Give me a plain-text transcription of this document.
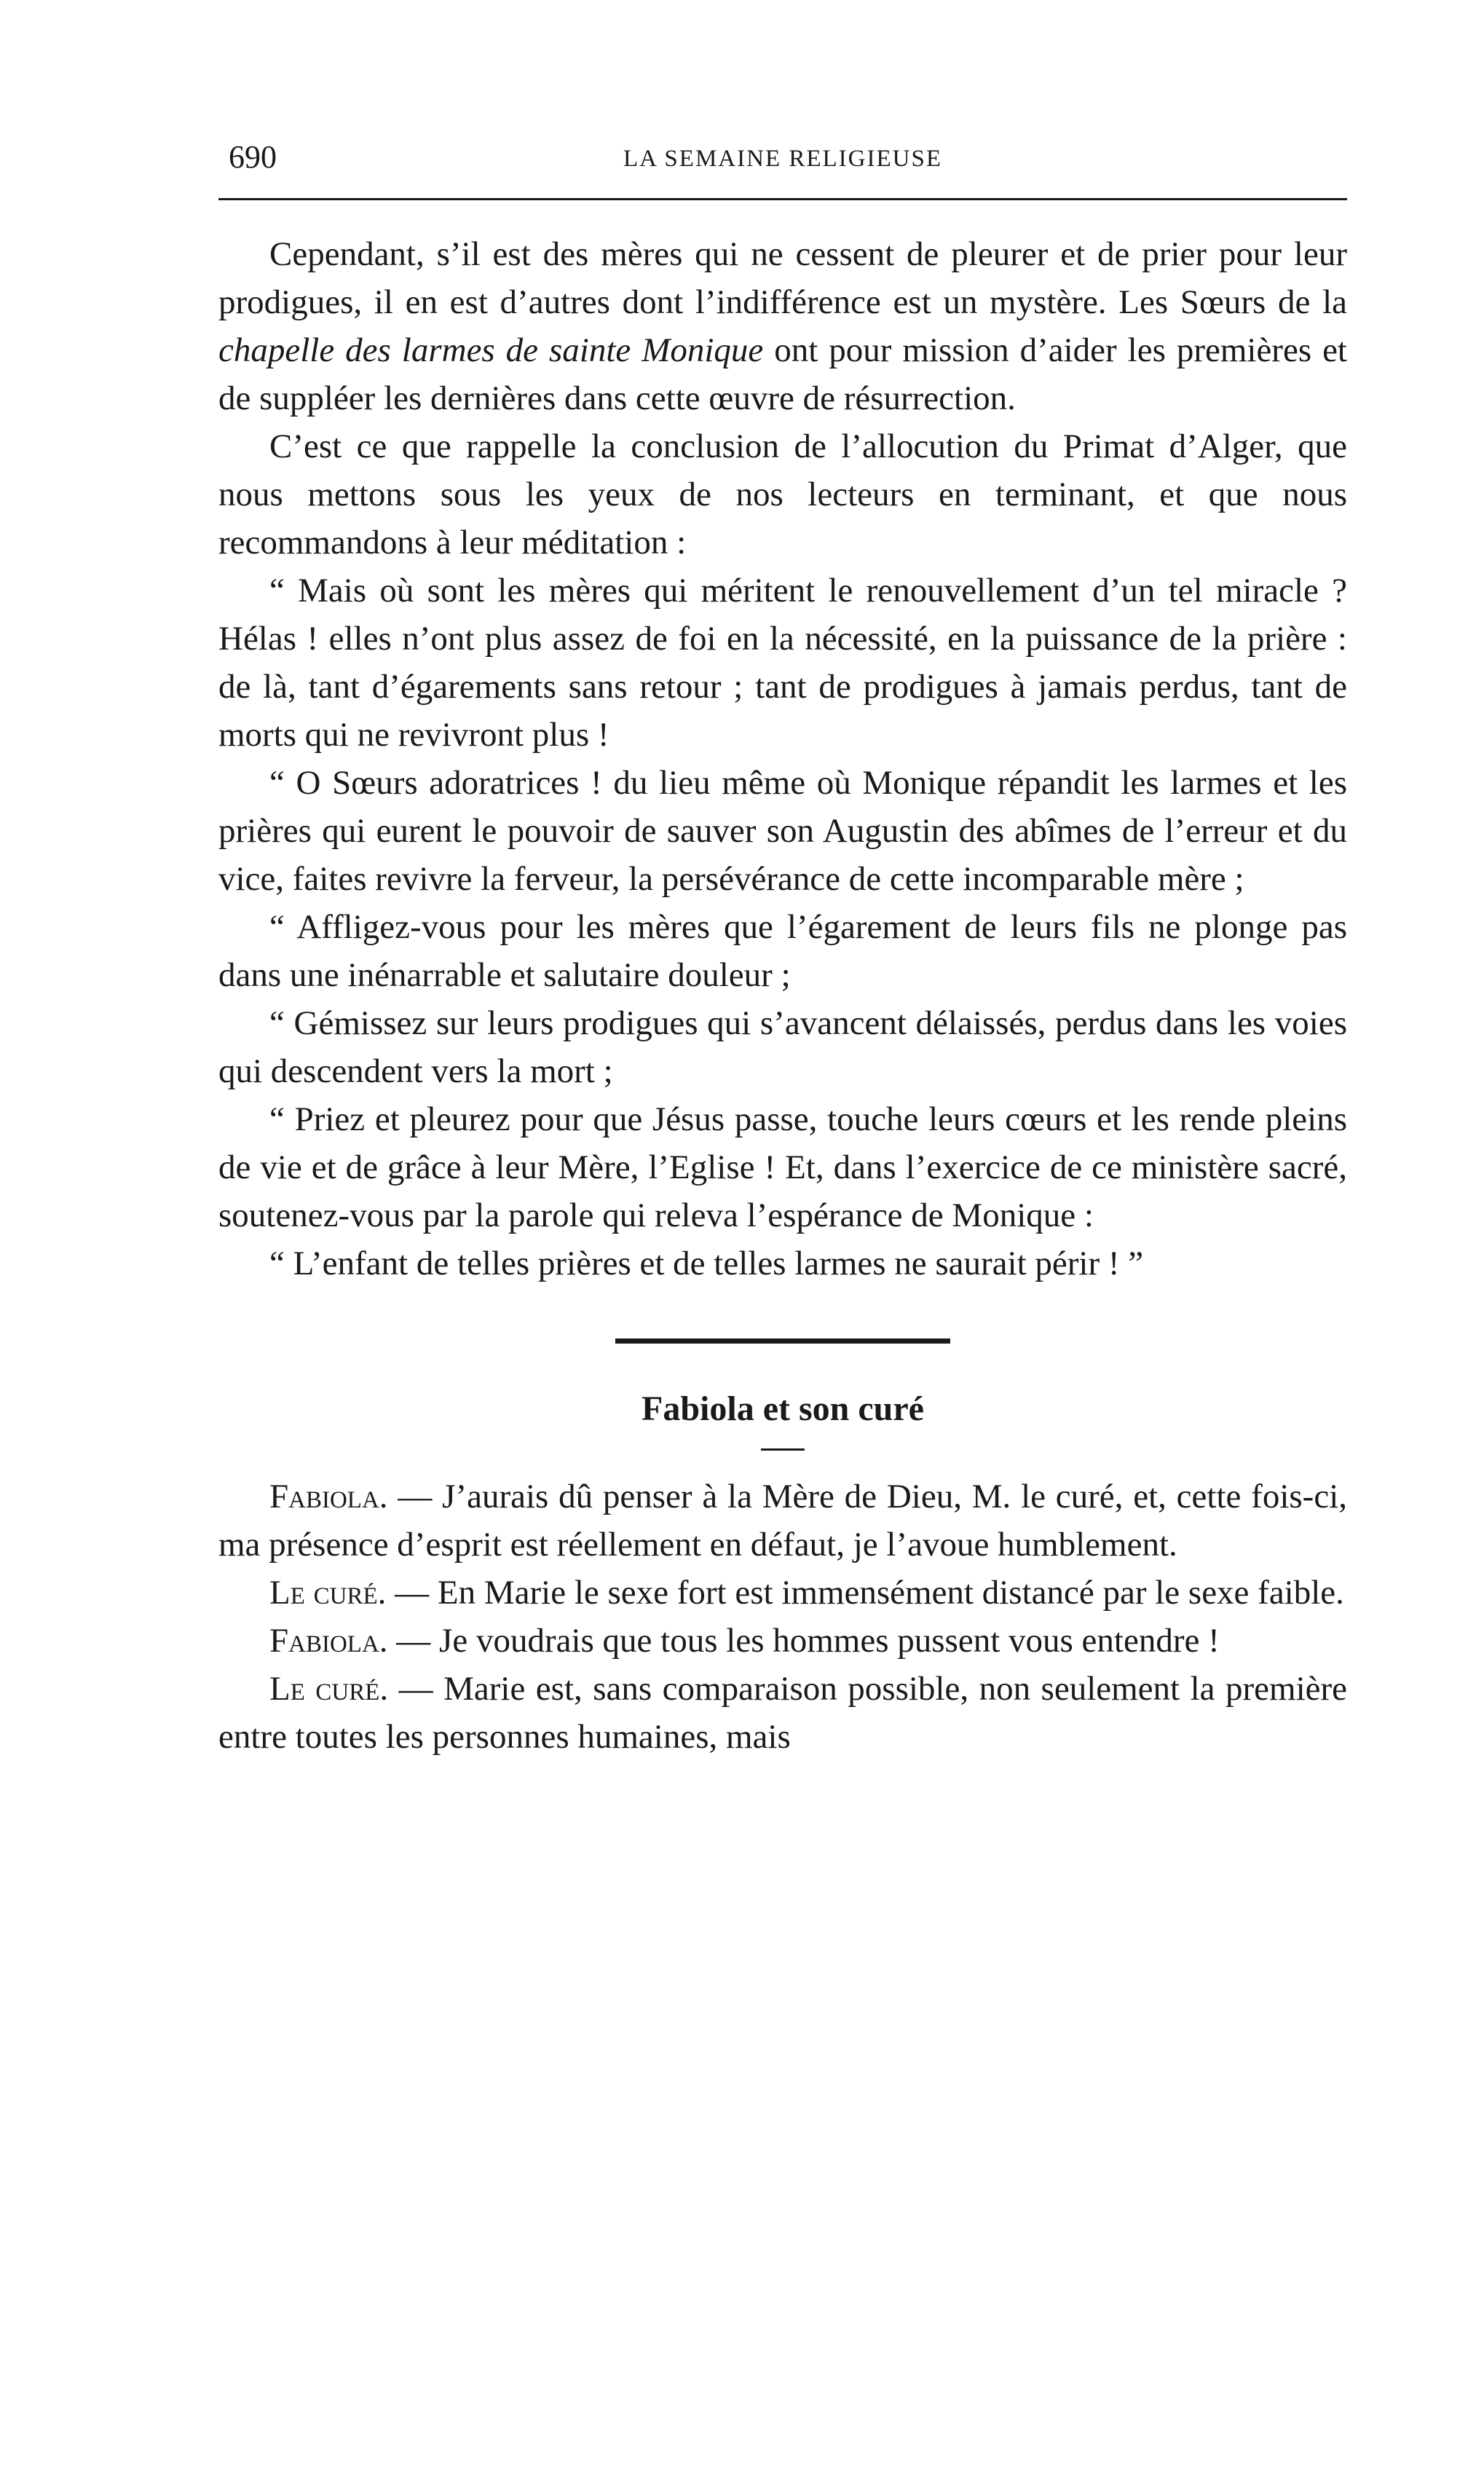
690	LA SEMAINE RELIGIEUSE

Cependant, s’il est des mères qui ne cessent de pleurer et de prier pour leur prodigues, il en est d’autres dont l’indifférence est un mystère. Les Sœurs de la chapelle des larmes de sainte Monique ont pour mission d’aider les premières et de suppléer les dernières dans cette œuvre de résurrection.

C’est ce que rappelle la conclusion de l’allocution du Primat d’Alger, que nous mettons sous les yeux de nos lecteurs en terminant, et que nous recommandons à leur méditation :

“ Mais où sont les mères qui méritent le renouvellement d’un tel miracle ? Hélas ! elles n’ont plus assez de foi en la nécessité, en la puissance de la prière : de là, tant d’égarements sans retour ; tant de prodigues à jamais perdus, tant de morts qui ne revivront plus !

“ O Sœurs adoratrices ! du lieu même où Monique répandit les larmes et les prières qui eurent le pouvoir de sauver son Augustin des abîmes de l’erreur et du vice, faites revivre la ferveur, la persévérance de cette incomparable mère ;

“ Affligez-vous pour les mères que l’égarement de leurs fils ne plonge pas dans une inénarrable et salutaire douleur ;

“ Gémissez sur leurs prodigues qui s’avancent délaissés, perdus dans les voies qui descendent vers la mort ;

“ Priez et pleurez pour que Jésus passe, touche leurs cœurs et les rende pleins de vie et de grâce à leur Mère, l’Eglise ! Et, dans l’exercice de ce ministère sacré, soutenez-vous par la parole qui releva l’espérance de Monique :

“ L’enfant de telles prières et de telles larmes ne saurait périr ! ”

Fabiola et son curé

Fabiola. — J’aurais dû penser à la Mère de Dieu, M. le curé, et, cette fois-ci, ma présence d’esprit est réellement en défaut, je l’avoue humblement.

Le curé. — En Marie le sexe fort est immensément distancé par le sexe faible.

Fabiola. — Je voudrais que tous les hommes pussent vous entendre !

Le curé. — Marie est, sans comparaison possible, non seulement la première entre toutes les personnes humaines, mais
